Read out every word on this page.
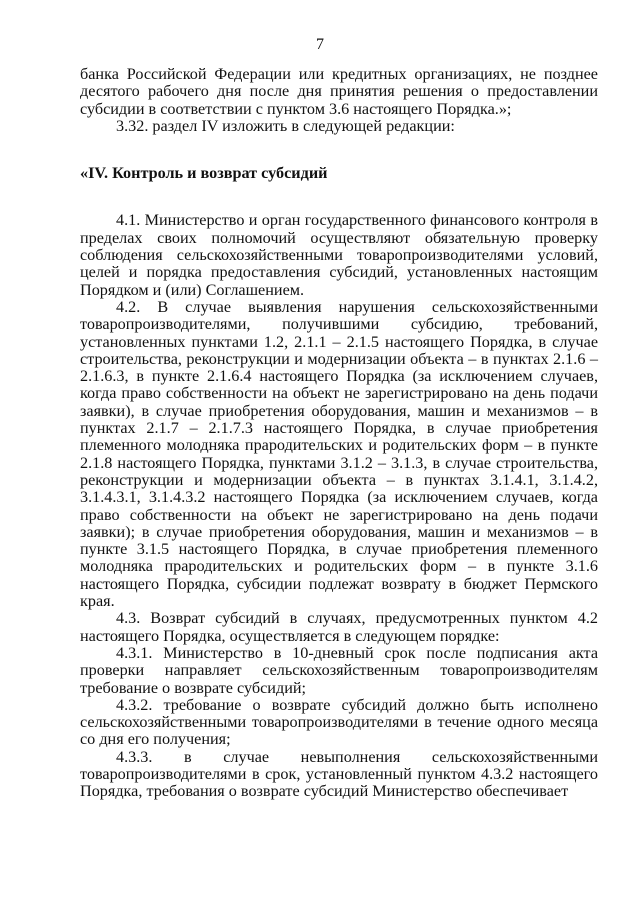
7

банка Российской Федерации или кредитных организациях, не позднее десятого рабочего дня после дня принятия решения о предоставлении субсидии в соответствии с пунктом 3.6 настоящего Порядка.»;

3.32. раздел IV изложить в следующей редакции:

«IV. Контроль и возврат субсидий

4.1. Министерство и орган государственного финансового контроля в пределах своих полномочий осуществляют обязательную проверку соблюдения сельскохозяйственными товаропроизводителями условий, целей и порядка предоставления субсидий, установленных настоящим Порядком и (или) Соглашением.

4.2. В случае выявления нарушения сельскохозяйственными товаропроизводителями, получившими субсидию, требований, установленных пунктами 1.2, 2.1.1 – 2.1.5 настоящего Порядка, в случае строительства, реконструкции и модернизации объекта – в пунктах 2.1.6 – 2.1.6.3, в пункте 2.1.6.4 настоящего Порядка (за исключением случаев, когда право собственности на объект не зарегистрировано на день подачи заявки), в случае приобретения оборудования, машин и механизмов – в пунктах 2.1.7 – 2.1.7.3 настоящего Порядка, в случае приобретения племенного молодняка прародительских и родительских форм – в пункте 2.1.8 настоящего Порядка, пунктами 3.1.2 – 3.1.3, в случае строительства, реконструкции и модернизации объекта – в пунктах 3.1.4.1, 3.1.4.2, 3.1.4.3.1, 3.1.4.3.2 настоящего Порядка (за исключением случаев, когда право собственности на объект не зарегистрировано на день подачи заявки); в случае приобретения оборудования, машин и механизмов – в пункте 3.1.5 настоящего Порядка, в случае приобретения племенного молодняка прародительских и родительских форм – в пункте 3.1.6 настоящего Порядка, субсидии подлежат возврату в бюджет Пермского края.

4.3. Возврат субсидий в случаях, предусмотренных пунктом 4.2 настоящего Порядка, осуществляется в следующем порядке:

4.3.1. Министерство в 10-дневный срок после подписания акта проверки направляет сельскохозяйственным товаропроизводителям требование о возврате субсидий;

4.3.2. требование о возврате субсидий должно быть исполнено сельскохозяйственными товаропроизводителями в течение одного месяца со дня его получения;

4.3.3. в случае невыполнения сельскохозяйственными товаропроизводителями в срок, установленный пунктом 4.3.2 настоящего Порядка, требования о возврате субсидий Министерство обеспечивает
